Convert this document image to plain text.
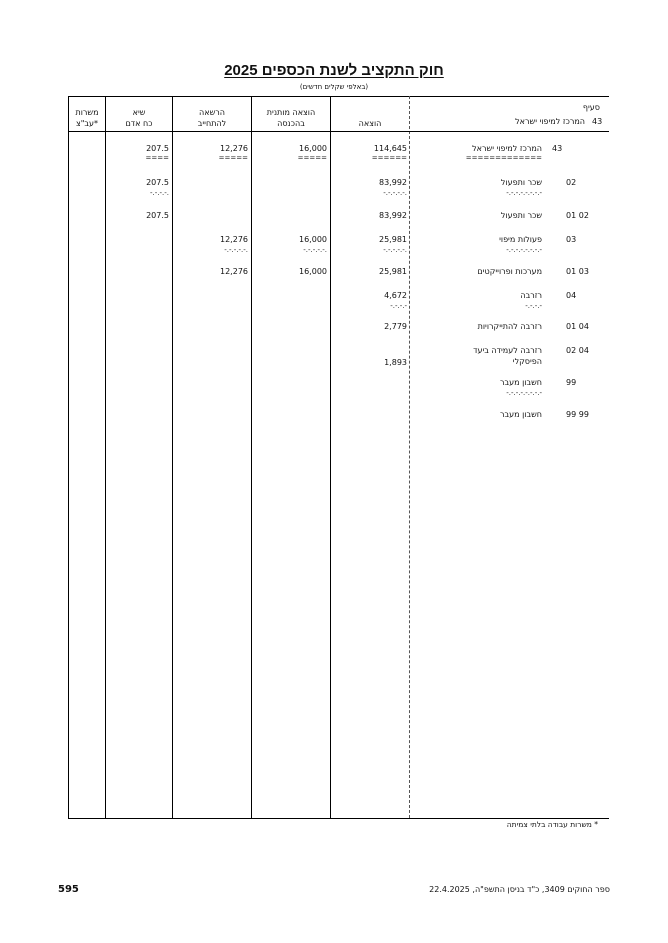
חוק התקציב לשנת הכספים 2025
(באלפי שקלים חדשים)
משרות
עב"צ*
שיא
כח אדם
הרשאה
להתחייב
הוצאה מותנית
בהכנסה	הוצאה
סעיף
המרכז למיפוי ישראל 43
43
המרכז למיפוי ישראל
=============
114,645
======
16,000
=====
12,276
=====
207.5
====
02
שכר ותפעול
-.-.-.-.-.-.-.-
83,992
-.-.-.-.-.
207.5
-.-.-.-.
01 02
שכר ותפעול
83,992
207.5
03
פעולות מיפוי
-.-.-.-.-.-.-.-
25,981
-.-.-.-.-.
16,000
-.-.-.-.-.
12,276
-.-.-.-.-.
01 03
מערכות ופרוייקטים
25,981
16,000
12,276
04
רזרבה
-.-.-.-
4,672
-.-.-.-
01 04
רזרבה להתייקרויות
2,779
02 04
רזרבה לעמידה ביעד
הפיסקלי
1,893
99
חשבון מעבר
-.-.-.-.-.-.-.-
99 99
חשבון מעבר
* משרות עבודה בלתי צמיתה
ספר החוקים 3409, כ"ד בניסן התשפ"ה, 22.4.2025
595
